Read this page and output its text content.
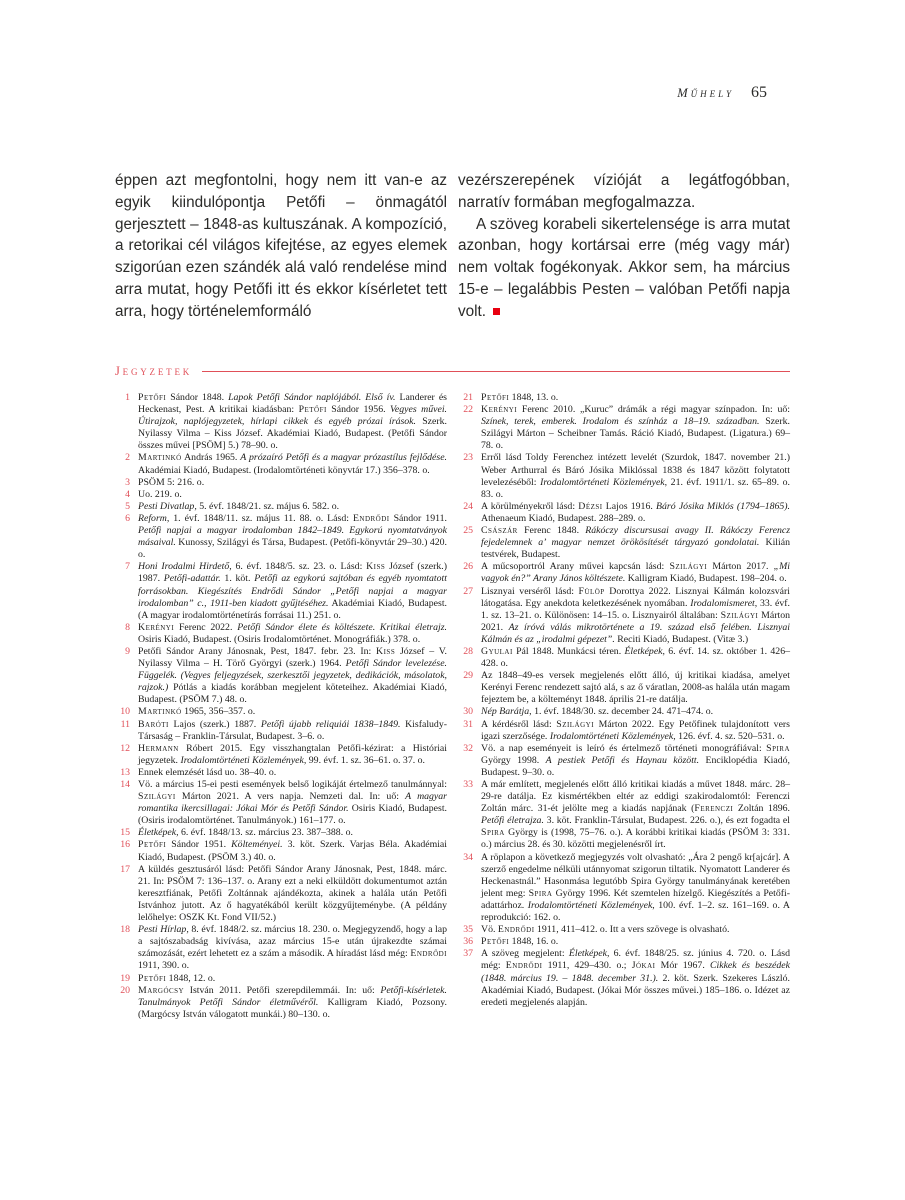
Műhely 65

éppen azt megfontolni, hogy nem itt van-e az egyik kiindulópontja Petőfi – önmagától gerjesztett – 1848-as kultuszának. A kompozíció, a retorikai cél világos kifejtése, az egyes elemek szigorúan ezen szándék alá való rendelése mind arra mutat, hogy Petőfi itt és ekkor kísérletet tett arra, hogy történelemformáló

vezérszerepének vízióját a legátfogóbban, narratív formában megfogalmazza.

A szöveg korabeli sikertelensége is arra mutat azonban, hogy kortársai erre (még vagy már) nem voltak fogékonyak. Akkor sem, ha március 15-e – legalábbis Pesten – valóban Petőfi napja volt.

Jegyzetek
1 Petőfi Sándor 1848. Lapok Petőfi Sándor naplójából. Első ív. Landerer és Heckenast, Pest. A kritikai kiadásban: Petőfi Sándor 1956. Vegyes művei. Útirajzok, naplójegyzetek, hírlapi cikkek és egyéb prózai írások. Szerk. Nyilassy Vilma – Kiss József. Akadémiai Kiadó, Budapest. (Petőfi Sándor összes művei [PSÖM] 5.) 78–90. o.
2 Martinkó András 1965. A prózaíró Petőfi és a magyar prózastílus fejlődése. Akadémiai Kiadó, Budapest. (Irodalomtörténeti könyvtár 17.) 356–378. o.
3 PSÖM 5: 216. o.
4 Uo. 219. o.
5 Pesti Divatlap, 5. évf. 1848/21. sz. május 6. 582. o.
6 Reform, 1. évf. 1848/11. sz. május 11. 88. o. Lásd: Endrődi Sándor 1911. Petőfi napjai a magyar irodalomban 1842–1849. Egykorú nyomtatványok másaival. Kunossy, Szilágyi és Társa, Budapest. (Petőfi-könyvtár 29–30.) 420. o.
7 Honi Irodalmi Hirdető, 6. évf. 1848/5. sz. 23. o. Lásd: Kiss József (szerk.) 1987. Petőfi-adattár. 1. köt. Petőfi az egykorú sajtóban és egyéb nyomtatott forrásokban. Kiegészítés Endrődi Sándor „Petőfi napjai a magyar irodalomban” c., 1911-ben kiadott gyűjtéséhez. Akadémiai Kiadó, Budapest. (A magyar irodalomtörténetírás forrásai 11.) 251. o.
8 Kerényi Ferenc 2022. Petőfi Sándor élete és költészete. Kritikai életrajz. Osiris Kiadó, Budapest. (Osiris Irodalomtörténet. Monográfiák.) 378. o.
9 Petőfi Sándor Arany Jánosnak, Pest, 1847. febr. 23. In: Kiss József – V. Nyilassy Vilma – H. Törő Györgyi (szerk.) 1964. Petőfi Sándor levelezése. Függelék. (Vegyes feljegyzések, szerkesztői jegyzetek, dedikációk, másolatok, rajzok.) Pótlás a kiadás korábban megjelent köteteihez. Akadémiai Kiadó, Budapest. (PSÖM 7.) 48. o.
10 Martinkó 1965, 356–357. o.
11 Baróti Lajos (szerk.) 1887. Petőfi újabb reliquiái 1838–1849. Kisfaludy-Társaság – Franklin-Társulat, Budapest. 3–6. o.
12 Hermann Róbert 2015. Egy visszhangtalan Petőfi-kézirat: a Históriai jegyzetek. Irodalomtörténeti Közlemények, 99. évf. 1. sz. 36–61. o. 37. o.
13 Ennek elemzését lásd uo. 38–40. o.
14 Vö. a március 15-ei pesti események belső logikáját értelmező tanulmánnyal: Szilágyi Márton 2021. A vers napja. Nemzeti dal. In: uő: A magyar romantika ikercsillagai: Jókai Mór és Petőfi Sándor. Osiris Kiadó, Budapest. (Osiris irodalomtörténet. Tanulmányok.) 161–177. o.
15 Életképek, 6. évf. 1848/13. sz. március 23. 387–388. o.
16 Petőfi Sándor 1951. Költeményei. 3. köt. Szerk. Varjas Béla. Akadémiai Kiadó, Budapest. (PSÖM 3.) 40. o.
17 A küldés gesztusáról lásd: Petőfi Sándor Arany Jánosnak, Pest, 1848. márc. 21. In: PSÖM 7: 136–137. o. Arany ezt a neki elküldött dokumentumot aztán keresztfiának, Petőfi Zoltánnak ajándékozta, akinek a halála után Petőfi Istvánhoz jutott. Az ő hagyatékából került közgyűjteménybe. (A példány lelőhelye: OSZK Kt. Fond VII/52.)
18 Pesti Hírlap, 8. évf. 1848/2. sz. március 18. 230. o. Megjegyzendő, hogy a lap a sajtószabadság kivívása, azaz március 15-e után újrakezdte számai számozását, ezért lehetett ez a szám a második. A híradást lásd még: Endrődi 1911, 390. o.
19 Petőfi 1848, 12. o.
20 Margócsy István 2011. Petőfi szerepdilemmái. In: uő: Petőfi-kísérletek. Tanulmányok Petőfi Sándor életművéről. Kalligram Kiadó, Pozsony. (Margócsy István válogatott munkái.) 80–130. o.
21 Petőfi 1848, 13. o.
22 Kerényi Ferenc 2010. „Kuruc” drámák a régi magyar színpadon. In: uő: Színek, terek, emberek. Irodalom és színház a 18–19. században. Szerk. Szilágyi Márton – Scheibner Tamás. Ráció Kiadó, Budapest. (Ligatura.) 69–78. o.
23 Erről lásd Toldy Ferenchez intézett levelét (Szurdok, 1847. november 21.) Weber Arthurral és Báró Jósika Miklóssal 1838 és 1847 között folytatott levelezéséből: Irodalomtörténeti Közlemények, 21. évf. 1911/1. sz. 65–89. o. 83. o.
24 A körülményekről lásd: Dézsi Lajos 1916. Báró Jósika Miklós (1794–1865). Athenaeum Kiadó, Budapest. 288–289. o.
25 Császár Ferenc 1848. Rákóczy discursusai avagy II. Rákóczy Ferencz fejedelemnek a’ magyar nemzet örökösítését tárgyazó gondolatai. Kilián testvérek, Budapest.
26 A műcsoportról Arany művei kapcsán lásd: Szilágyi Márton 2017. „Mi vagyok én?” Arany János költészete. Kalligram Kiadó, Budapest. 198–204. o.
27 Lisznyai verséről lásd: Fülöp Dorottya 2022. Lisznyai Kálmán kolozsvári látogatása. Egy anekdota keletkezésének nyomában. Irodalomismeret, 33. évf. 1. sz. 13–21. o. Különösen: 14–15. o. Lisznyairól általában: Szilágyi Márton 2021. Az íróvá válás mikrotörténete a 19. század első felében. Lisznyai Kálmán és az „irodalmi gépezet”. Reciti Kiadó, Budapest. (Vitæ 3.)
28 Gyulai Pál 1848. Munkácsi téren. Életképek, 6. évf. 14. sz. október 1. 426–428. o.
29 Az 1848–49-es versek megjelenés előtt álló, új kritikai kiadása, amelyet Kerényi Ferenc rendezett sajtó alá, s az ő váratlan, 2008-as halála után magam fejeztem be, a költeményt 1848. április 21-re datálja.
30 Nép Barátja, 1. évf. 1848/30. sz. december 24. 471–474. o.
31 A kérdésről lásd: Szilágyi Márton 2022. Egy Petőfinek tulajdonított vers igazi szerzősége. Irodalomtörténeti Közlemények, 126. évf. 4. sz. 520–531. o.
32 Vö. a nap eseményeit is leíró és értelmező történeti monográfiával: Spira György 1998. A pestiek Petőfi és Haynau között. Enciklopédia Kiadó, Budapest. 9–30. o.
33 A már említett, megjelenés előtt álló kritikai kiadás a művet 1848. márc. 28–29-re datálja. Ez kismértékben eltér az eddigi szakirodalomtól: Ferenczi Zoltán márc. 31-ét jelölte meg a kiadás napjának (Ferenczi Zoltán 1896. Petőfi életrajza. 3. köt. Franklin-Társulat, Budapest. 226. o.), és ezt fogadta el Spira György is (1998, 75–76. o.). A korábbi kritikai kiadás (PSÖM 3: 331. o.) március 28. és 30. közötti megjelenésről írt.
34 A röplapon a következő megjegyzés volt olvasható: „Ára 2 pengő kr[ajcár]. A szerző engedelme nélküli utánnyomat szigorun tiltatik. Nyomatott Landerer és Heckenastnál.” Hasonmása legutóbb Spira György tanulmányának keretében jelent meg: Spira György 1996. Két szemtelen hízelgő. Kiegészítés a Petőfi-adattárhoz. Irodalomtörténeti Közlemények, 100. évf. 1–2. sz. 161–169. o. A reprodukció: 162. o.
35 Vö. Endrődi 1911, 411–412. o. Itt a vers szövege is olvasható.
36 Petőfi 1848, 16. o.
37 A szöveg megjelent: Életképek, 6. évf. 1848/25. sz. június 4. 720. o. Lásd még: Endrődi 1911, 429–430. o.; Jókai Mór 1967. Cikkek és beszédek (1848. március 19. – 1848. december 31.). 2. köt. Szerk. Szekeres László. Akadémiai Kiadó, Budapest. (Jókai Mór összes művei.) 185–186. o. Idézet az eredeti megjelenés alapján.
